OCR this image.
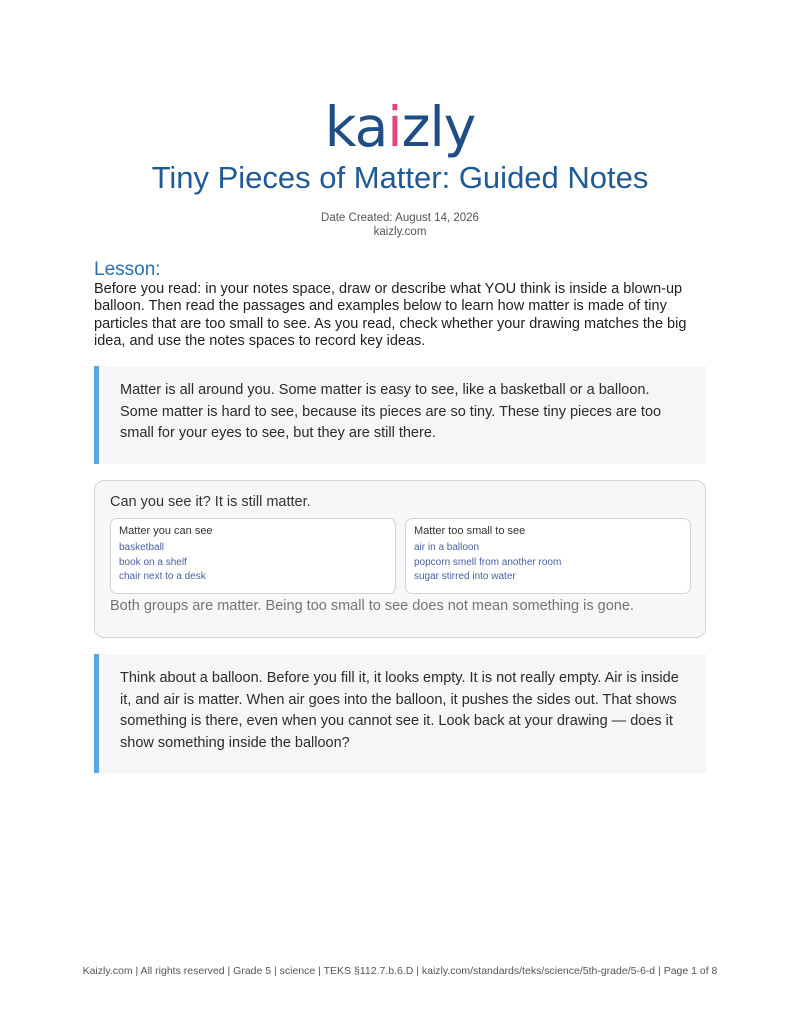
kaizly
Tiny Pieces of Matter: Guided Notes
Date Created: August 14, 2026
kaizly.com
Lesson:
Before you read: in your notes space, draw or describe what YOU think is inside a blown-up balloon. Then read the passages and examples below to learn how matter is made of tiny particles that are too small to see. As you read, check whether your drawing matches the big idea, and use the notes spaces to record key ideas.
Matter is all around you. Some matter is easy to see, like a basketball or a balloon. Some matter is hard to see, because its pieces are so tiny. These tiny pieces are too small for your eyes to see, but they are still there.
Can you see it? It is still matter.
Matter you can see
basketball
book on a shelf
chair next to a desk
Matter too small to see
air in a balloon
popcorn smell from another room
sugar stirred into water
Both groups are matter. Being too small to see does not mean something is gone.
Think about a balloon. Before you fill it, it looks empty. It is not really empty. Air is inside it, and air is matter. When air goes into the balloon, it pushes the sides out. That shows something is there, even when you cannot see it. Look back at your drawing — does it show something inside the balloon?
Kaizly.com | All rights reserved | Grade 5 | science | TEKS §112.7.b.6.D | kaizly.com/standards/teks/science/5th-grade/5-6-d | Page 1 of 8
